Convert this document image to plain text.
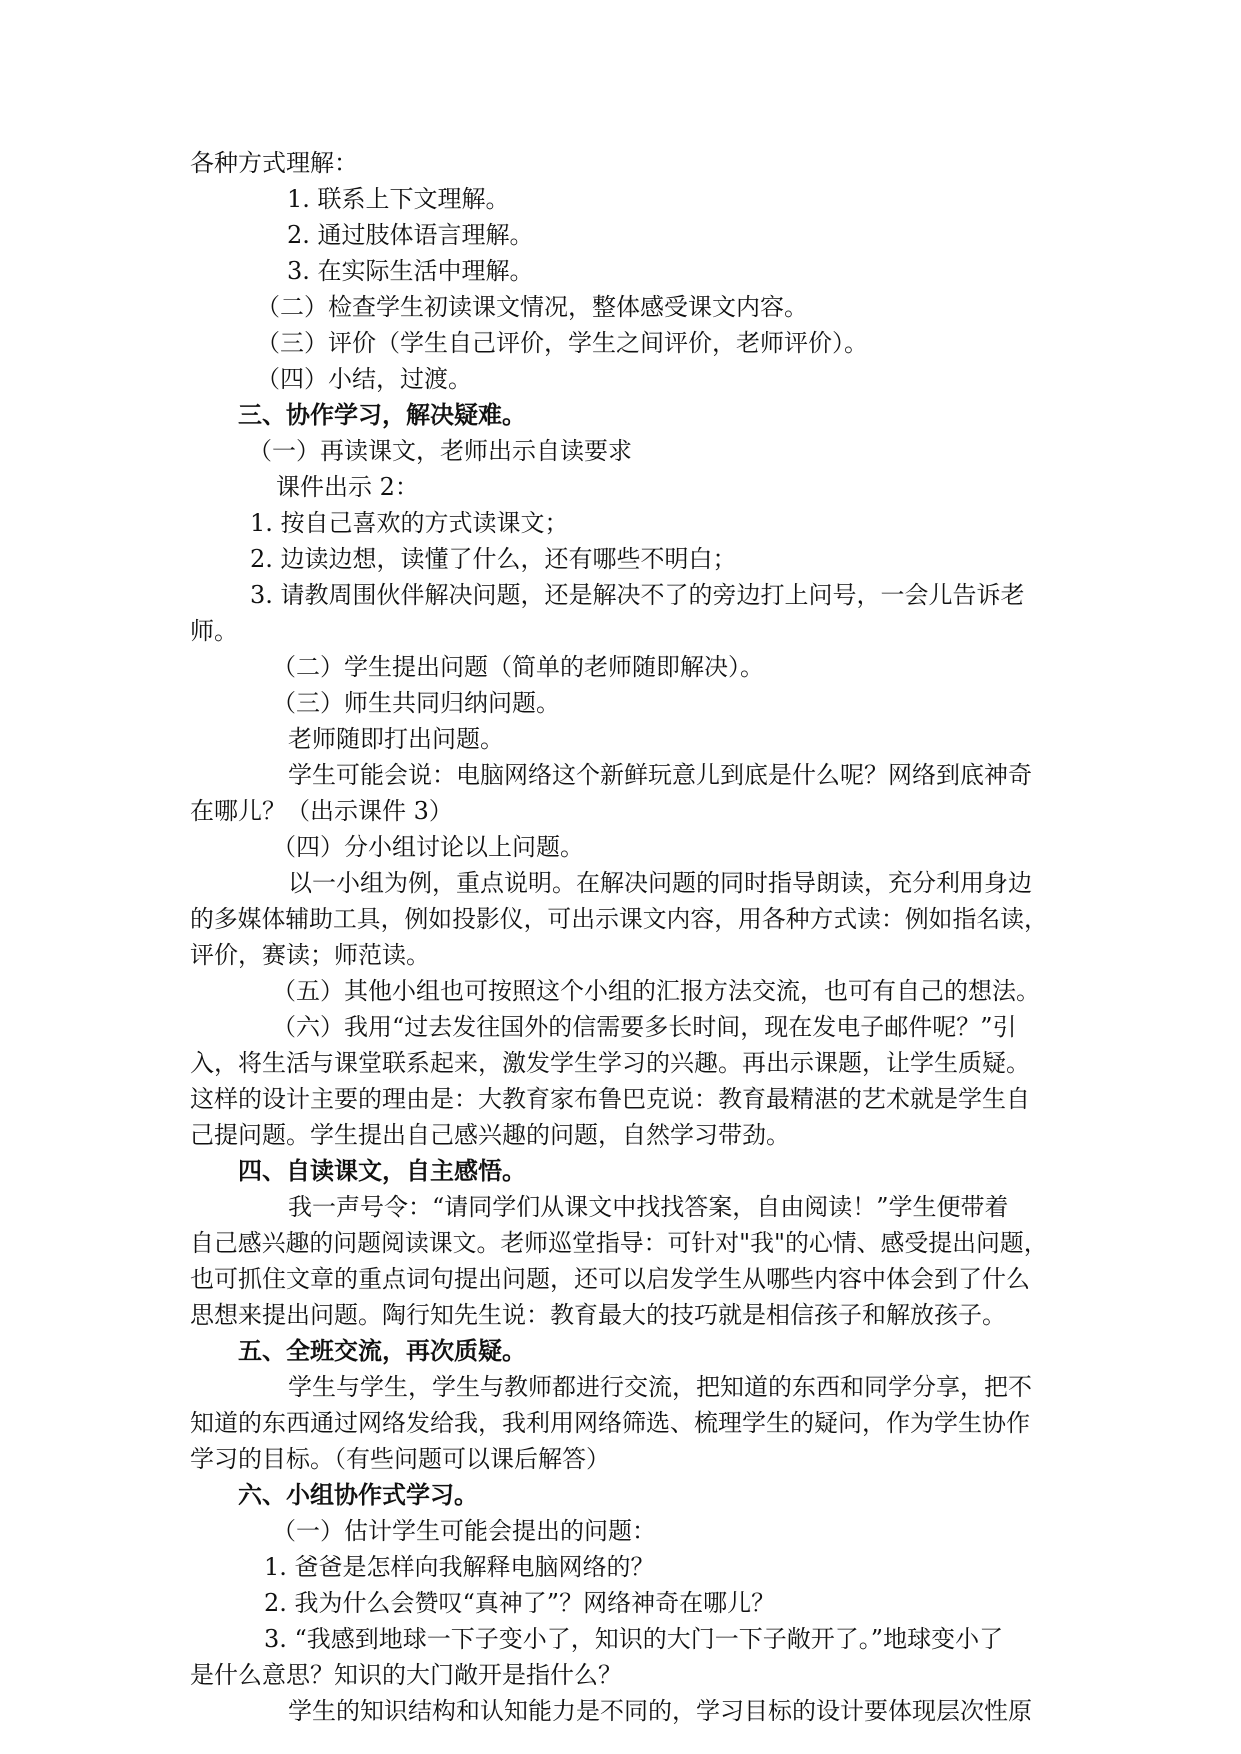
各种方式理解：
1. 联系上下文理解。
2. 通过肢体语言理解。
3. 在实际生活中理解。
（二）检查学生初读课文情况，整体感受课文内容。
（三）评价（学生自己评价，学生之间评价，老师评价）。
（四）小结，过渡。
三、协作学习，解决疑难。
（一）再读课文，老师出示自读要求
课件出示 2：
1. 按自己喜欢的方式读课文；
2. 边读边想，读懂了什么，还有哪些不明白；
3. 请教周围伙伴解决问题，还是解决不了的旁边打上问号，一会儿告诉老
师。
（二）学生提出问题（简单的老师随即解决）。
（三）师生共同归纳问题。
老师随即打出问题。
学生可能会说：电脑网络这个新鲜玩意儿到底是什么呢？网络到底神奇
在哪儿？（出示课件 3）
（四）分小组讨论以上问题。
以一小组为例，重点说明。在解决问题的同时指导朗读，充分利用身边
的多媒体辅助工具，例如投影仪，可出示课文内容，用各种方式读：例如指名读，
评价，赛读；师范读。
（五）其他小组也可按照这个小组的汇报方法交流，也可有自己的想法。
（六）我用“过去发往国外的信需要多长时间，现在发电子邮件呢？”引
入，将生活与课堂联系起来，激发学生学习的兴趣。再出示课题，让学生质疑。
这样的设计主要的理由是：大教育家布鲁巴克说：教育最精湛的艺术就是学生自
己提问题。学生提出自己感兴趣的问题，自然学习带劲。
四、自读课文，自主感悟。
我一声号令：“请同学们从课文中找找答案，自由阅读！”学生便带着
自己感兴趣的问题阅读课文。老师巡堂指导：可针对"我"的心情、感受提出问题，
也可抓住文章的重点词句提出问题，还可以启发学生从哪些内容中体会到了什么
思想来提出问题。陶行知先生说：教育最大的技巧就是相信孩子和解放孩子。
五、全班交流，再次质疑。
学生与学生，学生与教师都进行交流，把知道的东西和同学分享，把不
知道的东西通过网络发给我，我利用网络筛选、梳理学生的疑问，作为学生协作
学习的目标。（有些问题可以课后解答）
六、小组协作式学习。
（一）估计学生可能会提出的问题：
1. 爸爸是怎样向我解释电脑网络的？
2. 我为什么会赞叹“真神了”？网络神奇在哪儿？
3. “我感到地球一下子变小了，知识的大门一下子敞开了。”地球变小了
是什么意思？知识的大门敞开是指什么？
学生的知识结构和认知能力是不同的，学习目标的设计要体现层次性原
